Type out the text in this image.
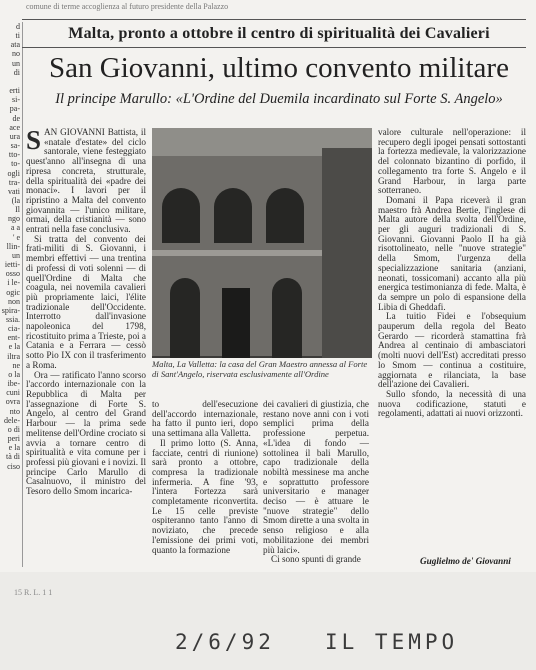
comune di terme accoglienza al futuro presidente della Palazzo
d
ti
ata
no
un
di

erti
si-
pa-
de
ace
ura
sa-
tto-
to-
ogli
tra-
vati
(la
Il
ngo
a a
' e
llin-
un
ietti-
osso
i le-
ogic
non
spira-
ssia.
cia-
ent-
e la
iltra
ne
o la
ibe-
cuni
ovra
nto
dele-
o di
peri
e la
tà di
ciso
Malta, pronto a ottobre il centro di spiritualità dei Cavalieri
San Giovanni, ultimo convento militare
Il principe Marullo: «L'Ordine del Duemila incardinato sul Forte S. Angelo»

SAN GIOVANNI Battista, il «natale d'estate» del ciclo santorale, viene festeggiato quest'anno all'insegna di una ripresa concreta, strutturale, della spiritualità dei «padre dei monaci». I lavori per il ripristino a Malta del convento giovannita — l'unico militare, ormai, della cristianità — sono entrati nella fase conclusiva.

Si tratta del convento dei frati-militi di S. Giovanni, i membri effettivi — una trentina di professi di voti solenni — di quell'Ordine di Malta che coagula, nei novemila cavalieri più propriamente laici, l'élite tradizionale dell'Occidente. Interrotto dall'invasione napoleonica del 1798, ricostituito prima a Trieste, poi a Catania e a Ferrara — cessò sotto Pio IX con il trasferimento a Roma.

Ora — ratificato l'anno scorso l'accordo internazionale con la Repubblica di Malta per l'assegnazione di Forte S. Angelo, al centro del Grand Harbour — la prima sede melitense dell'Ordine crociato si avvia a tornare centro di spiritualità e vita comune per i professi più giovani e i novizi. Il principe Carlo Marullo di Casalnuovo, il ministro del Tesoro dello Smom incarica-

Malta, La Valletta: la casa del Gran Maestro annessa al Forte di Sant'Angelo, riservata esclusivamente all'Ordine

to dell'esecuzione dell'accordo internazionale, ha fatto il punto ieri, dopo una settimana alla Valletta.

Il primo lotto (S. Anna, facciate, centri di riunione) sarà pronto a ottobre, compresa la tradizionale infermeria. A fine '93, l'intera Fortezza sarà completamente riconvertita. Le 15 celle previste ospiteranno tanto l'anno di noviziato, che precede l'emissione dei primi voti, quanto la formazione

dei cavalieri di giustizia, che restano nove anni con i voti semplici prima della professione perpetua. «L'idea di fondo — sottolinea il bali Marullo, capo tradizionale della nobiltà messinese ma anche e soprattutto professore universitario e manager deciso — è attuare le "nuove strategie" dello Smom dirette a una svolta in senso religioso e alla mobilitazione dei membri più laici».

Ci sono spunti di grande

valore culturale nell'operazione: il recupero degli ipogei pensati sottostanti la fortezza medievale, la valorizzazione del colonnato bizantino di porfido, il collegamento tra forte S. Angelo e il Grand Harbour, in larga parte sotterraneo.

Domani il Papa riceverà il gran maestro frà Andrea Bertie, l'inglese di Malta autore della svolta dell'Ordine, per gli auguri tradizionali di S. Giovanni. Giovanni Paolo II ha già risottolineato, nelle "nuove strategie" della Smom, l'urgenza della specializzazione sanitaria (anziani, neonati, tossicomani) accanto alla più energica testimonianza di fede. Malta, è da sempre un polo di espansione della Libia di Gheddafi.

La tuitio Fidei e l'obsequium pauperum della regola del Beato Gerardo — ricorderà stamattina frà Andrea al centinaio di ambasciatori (molti nuovi dell'Est) accreditati presso lo Smom — continua a costituire, aggiornata e rilanciata, la base dell'azione dei Cavalieri.

Sullo sfondo, la necessità di una nuova codificazione, statuti e regolamenti, adattati ai nuovi orizzonti.

Guglielmo de' Giovanni
15 R. L. 1 1
2/6/92 IL TEMPO
